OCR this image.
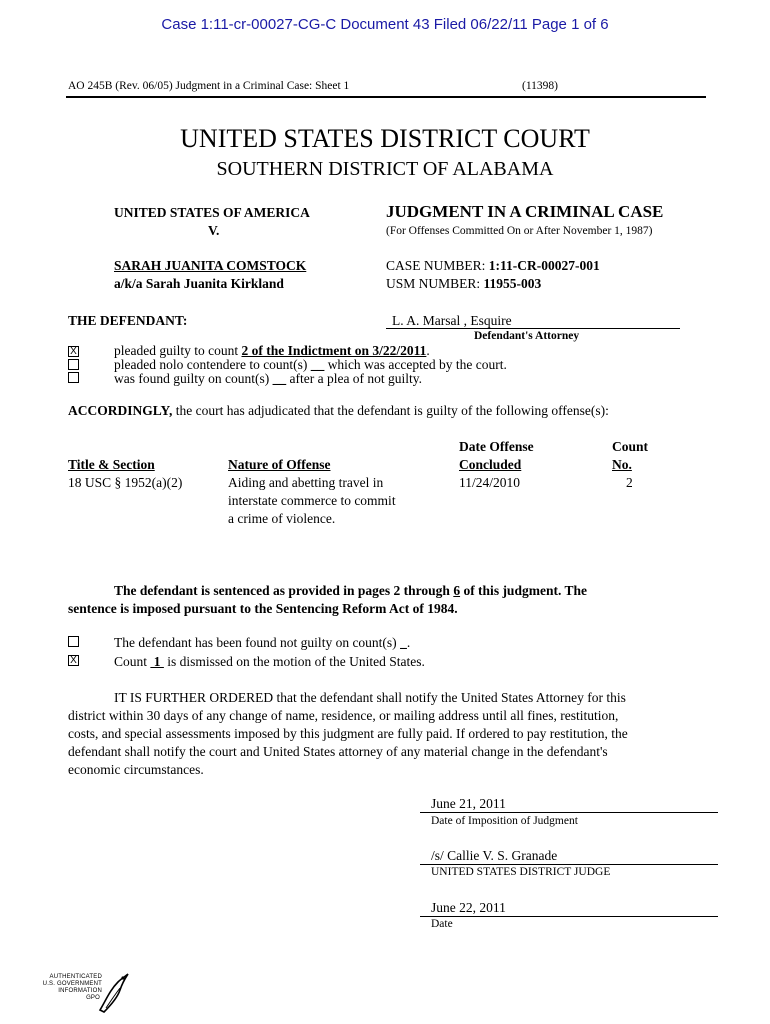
Case 1:11-cr-00027-CG-C Document 43 Filed 06/22/11 Page 1 of 6
AO 245B (Rev. 06/05) Judgment in a Criminal Case: Sheet 1	(11398)
UNITED STATES DISTRICT COURT
SOUTHERN DISTRICT OF ALABAMA
UNITED STATES OF AMERICA
V.
JUDGMENT IN A CRIMINAL CASE
(For Offenses Committed On or After November 1, 1987)
SARAH JUANITA COMSTOCK
a/k/a Sarah Juanita Kirkland
CASE NUMBER: 1:11-CR-00027-001
USM NUMBER: 11955-003
THE DEFENDANT:	L. A. Marsal , Esquire
Defendant's Attorney
X	pleaded guilty to count 2 of the Indictment on 3/22/2011.
pleaded nolo contendere to count(s) __ which was accepted by the court.
was found guilty on count(s) __ after a plea of not guilty.
ACCORDINGLY, the court has adjudicated that the defendant is guilty of the following offense(s):
Date Offense	Count
Title & Section	Nature of Offense	Concluded	No.
18 USC § 1952(a)(2)	Aiding and abetting travel in
interstate commerce to commit
a crime of violence.
11/24/2010	2
The defendant is sentenced as provided in pages 2 through 6 of this judgment. The
sentence is imposed pursuant to the Sentencing Reform Act of 1984.
The defendant has been found not guilty on count(s) _.
X	Count  1  is dismissed on the motion of the United States.
IT IS FURTHER ORDERED that the defendant shall notify the United States Attorney for this
district within 30 days of any change of name, residence, or mailing address until all fines, restitution,
costs, and special assessments imposed by this judgment are fully paid. If ordered to pay restitution, the
defendant shall notify the court and United States attorney of any material change in the defendant's
economic circumstances.
June 21, 2011
Date of Imposition of Judgment
/s/ Callie V. S. Granade
UNITED STATES DISTRICT JUDGE
June 22, 2011
Date
AUTHENTICATED
U.S. GOVERNMENT
INFORMATION
GPO
